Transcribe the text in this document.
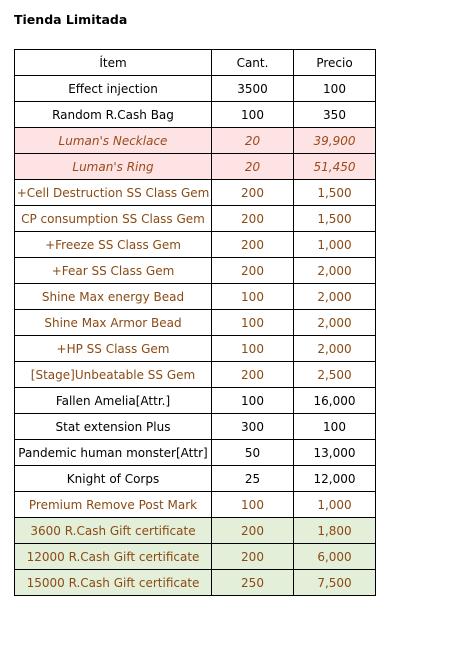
Tienda Limitada
Ítem	Cant.	Precio
Effect injection	3500	100
Random R.Cash Bag	100	350
Luman's Necklace	20	39,900
Luman's Ring	20	51,450
+Cell Destruction SS Class Gem	200	1,500
CP consumption SS Class Gem	200	1,500
+Freeze SS Class Gem	200	1,000
+Fear SS Class Gem	200	2,000
Shine Max energy Bead	100	2,000
Shine Max Armor Bead	100	2,000
+HP SS Class Gem	100	2,000
[Stage]Unbeatable SS Gem	200	2,500
Fallen Amelia[Attr.]	100	16,000
Stat extension Plus	300	100
Pandemic human monster[Attr]	50	13,000
Knight of Corps	25	12,000
Premium Remove Post Mark	100	1,000
3600 R.Cash Gift certificate	200	1,800
12000 R.Cash Gift certificate	200	6,000
15000 R.Cash Gift certificate	250	7,500
